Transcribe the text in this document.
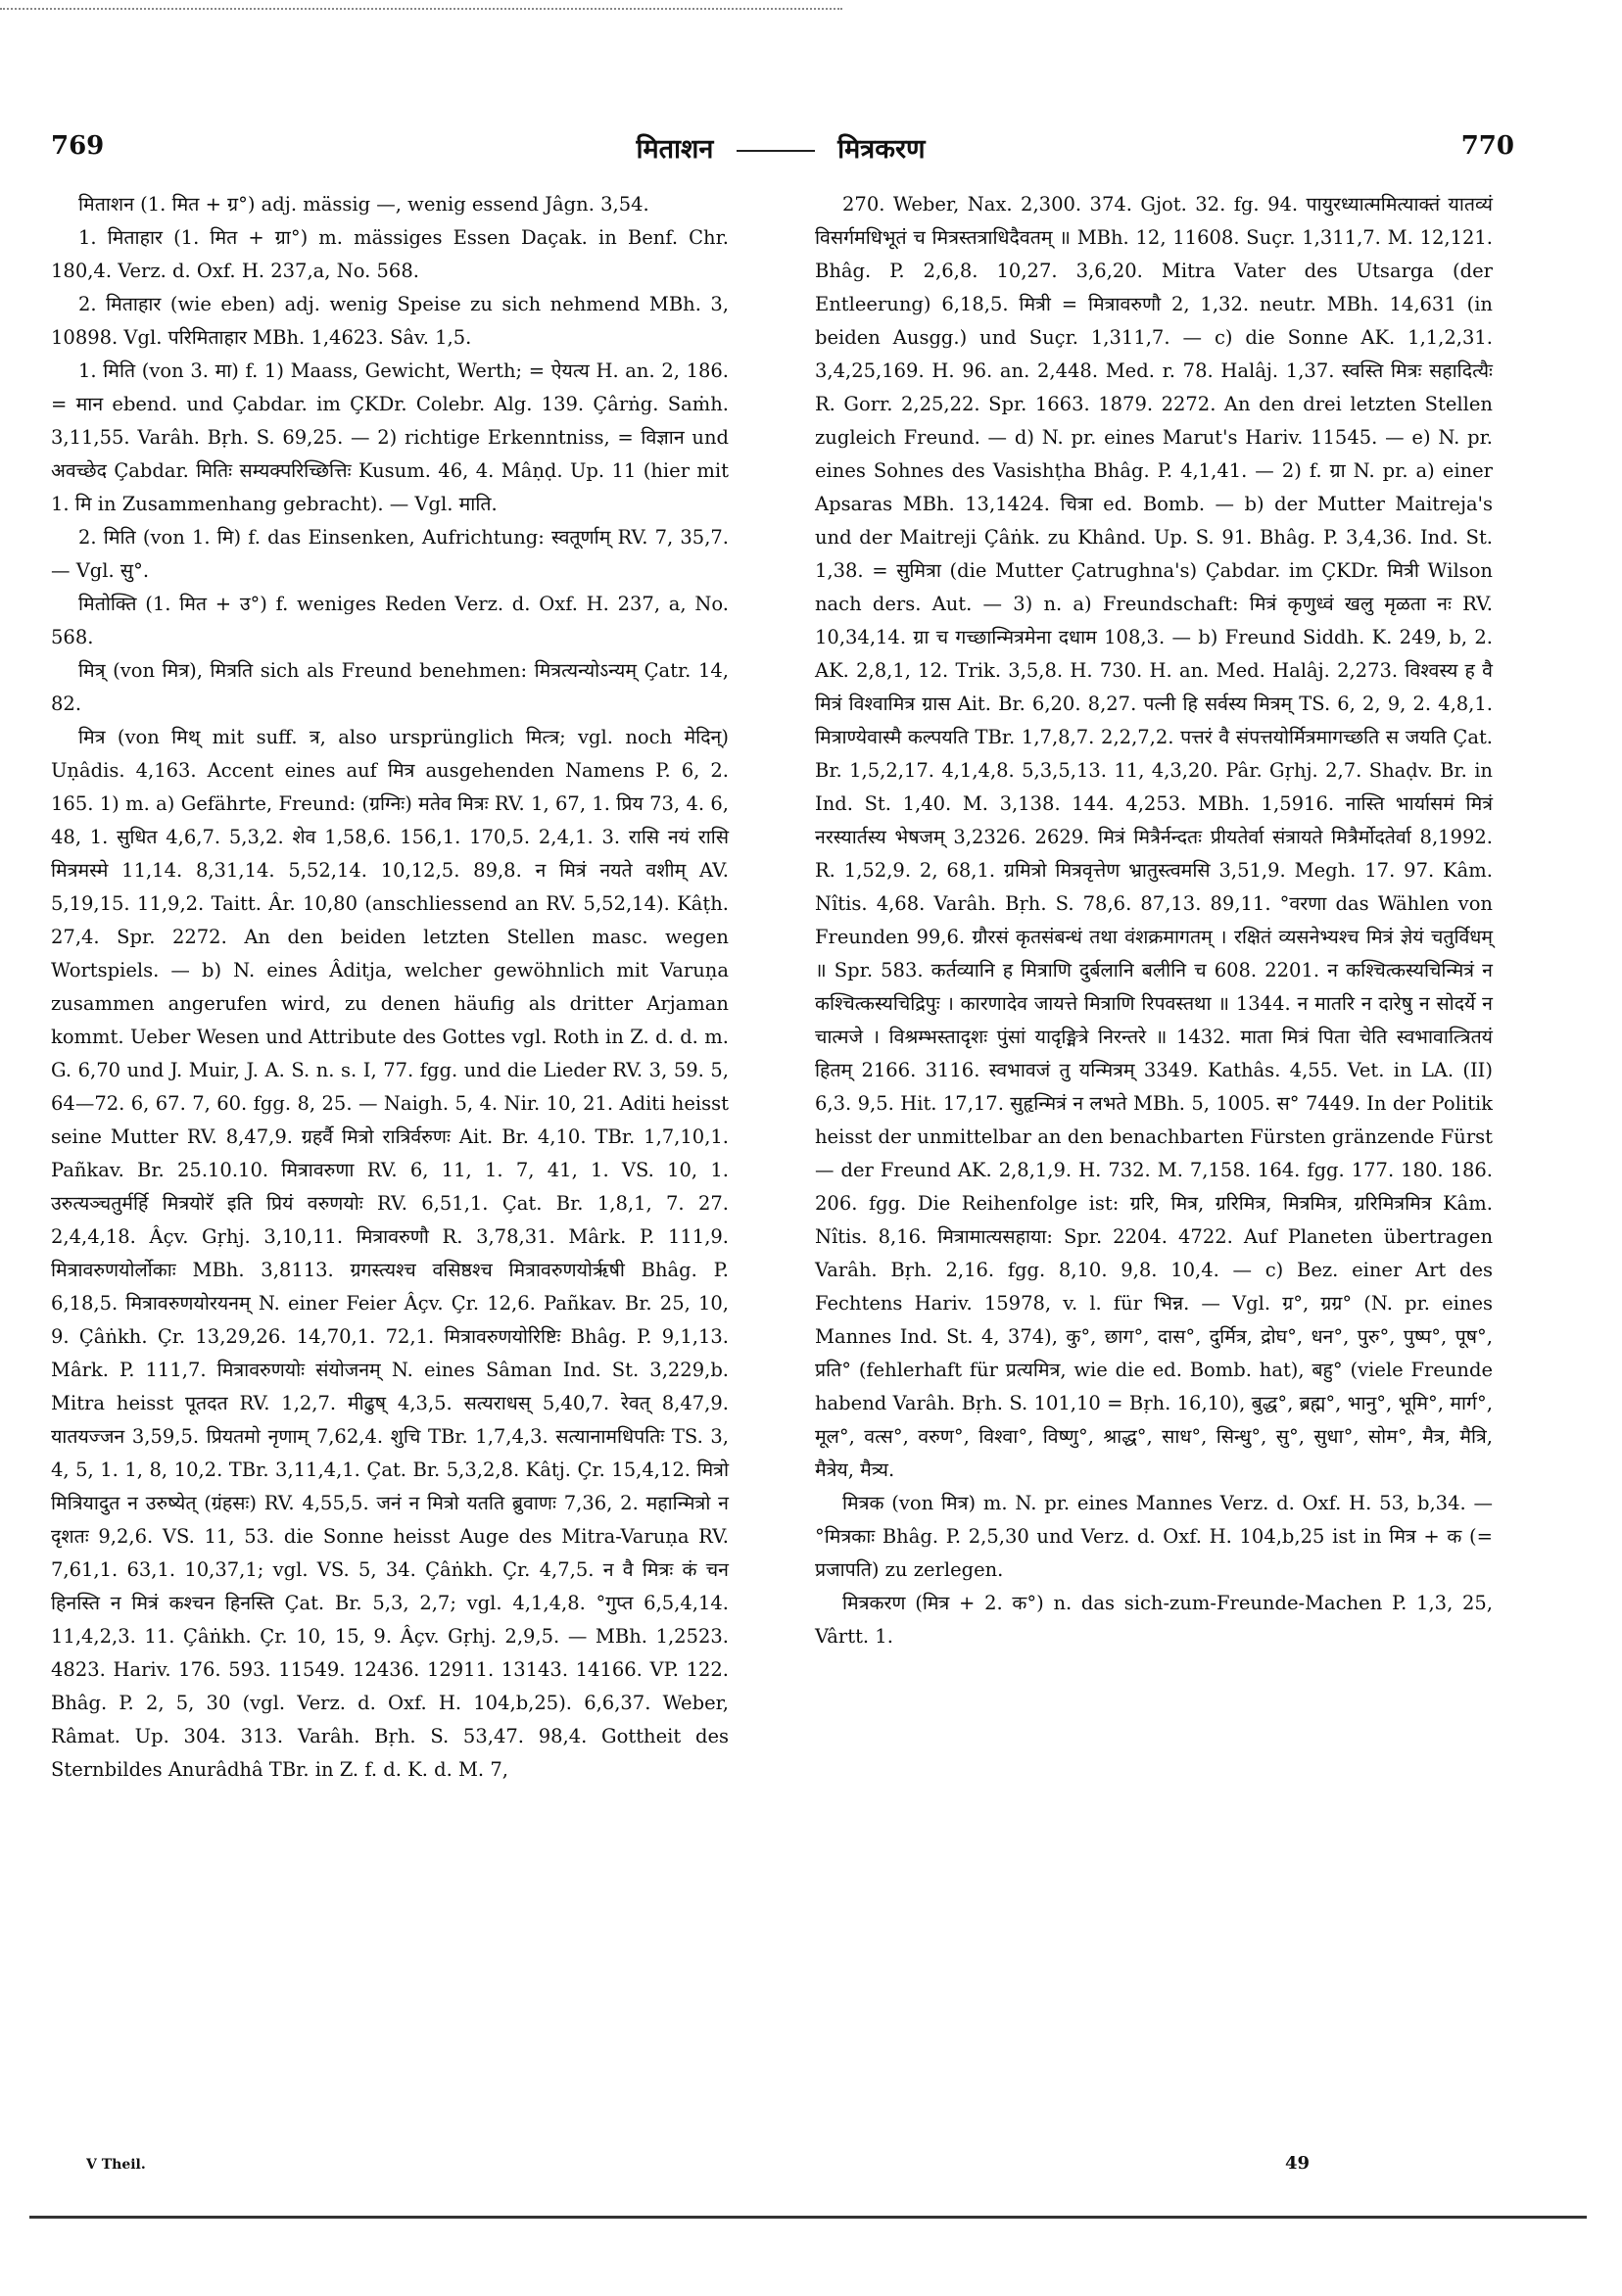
769	मिताशन	मित्रकरण	770

मिताशन (1. मित + ग्र°) adj. mässig —, wenig essend Jâgn. 3,54.

1. मिताहार (1. मित + ग्रा°) m. mässiges Essen Daçak. in Benf. Chr. 180,4. Verz. d. Oxf. H. 237,a, No. 568.

2. मिताहार (wie eben) adj. wenig Speise zu sich nehmend MBh. 3, 10898. Vgl. परिमिताहार MBh. 1,4623. Sâv. 1,5.

1. मिति (von 3. मा) f. 1) Maass, Gewicht, Werth; = ऐयत्य H. an. 2, 186. = मान ebend. und Çabdar. im ÇKDr. Colebr. Alg. 139. Çârṅg. Saṁh. 3,11,55. Varâh. Bṛh. S. 69,25. — 2) richtige Erkenntniss, = विज्ञान und अवच्छेद Çabdar. मितिः सम्यक्परिच्छित्तिः Kusum. 46, 4. Mâṇḍ. Up. 11 (hier mit 1. मि in Zusammenhang gebracht). — Vgl. माति.

2. मिति (von 1. मि) f. das Einsenken, Aufrichtung: स्वतूर्णाम् RV. 7, 35,7. — Vgl. सु°.

मितोक्ति (1. मित + उ°) f. weniges Reden Verz. d. Oxf. H. 237, a, No. 568.

मित्र् (von मित्र), मित्रति sich als Freund benehmen: मित्रत्यन्योऽन्यम् Çatr. 14, 82.

मित्र (von मिथ् mit suff. त्र, also ursprünglich मित्त्र; vgl. noch मेदिन्) Uṇâdis. 4,163. Accent eines auf मित्र ausgehenden Namens P. 6, 2. 165. 1) m. a) Gefährte, Freund: (ग्रग्निः) मतेव मित्रः RV. 1, 67, 1. प्रिय 73, 4. 6, 48, 1. सुधित 4,6,7. 5,3,2. शेव 1,58,6. 156,1. 170,5. 2,4,1. 3. रासि नयं रासि मित्रमस्मे 11,14. 8,31,14. 5,52,14. 10,12,5. 89,8. न मित्रं नयते वशीम् AV. 5,19,15. 11,9,2. Taitt. Âr. 10,80 (anschliessend an RV. 5,52,14). Kâṭh. 27,4. Spr. 2272. An den beiden letzten Stellen masc. wegen Wortspiels. — b) N. eines Âditja, welcher gewöhnlich mit Varuṇa zusammen angerufen wird, zu denen häufig als dritter Arjaman kommt. Ueber Wesen und Attribute des Gottes vgl. Roth in Z. d. d. m. G. 6,70 und J. Muir, J. A. S. n. s. I, 77. fgg. und die Lieder RV. 3, 59. 5, 64—72. 6, 67. 7, 60. fgg. 8, 25. — Naigh. 5, 4. Nir. 10, 21. Aditi heisst seine Mutter RV. 8,47,9. ग्रहर्वै मित्रो रात्रिर्वरुणः Ait. Br. 4,10. TBr. 1,7,10,1. Pañkav. Br. 25.10.10. मित्रावरुणा RV. 6, 11, 1. 7, 41, 1. VS. 10, 1. उरुत्यञ्चतुर्मर्हि मित्रयोरॅ इति प्रियं वरुणयोः RV. 6,51,1. Çat. Br. 1,8,1, 7. 27. 2,4,4,18. Âçv. Gṛhj. 3,10,11. मित्रावरुणौ R. 3,78,31. Mârk. P. 111,9. मित्रावरुणयोर्लोकाः MBh. 3,8113. ग्रगस्त्यश्च वसिष्ठश्च मित्रावरुणयोर्ऋषी Bhâg. P. 6,18,5. मित्रावरुणयोरयनम् N. einer Feier Âçv. Çr. 12,6. Pañkav. Br. 25, 10, 9. Çâṅkh. Çr. 13,29,26. 14,70,1. 72,1. मित्रावरुणयोरिष्टिः Bhâg. P. 9,1,13. Mârk. P. 111,7. मित्रावरुणयोः संयोजनम् N. eines Sâman Ind. St. 3,229,b. Mitra heisst पूतदत RV. 1,2,7. मीढुष् 4,3,5. सत्यराधस् 5,40,7. रेवत् 8,47,9. यातयज्जन 3,59,5. प्रियतमो नृणाम् 7,62,4. शुचि TBr. 1,7,4,3. सत्यानामधिपतिः TS. 3, 4, 5, 1. 1, 8, 10,2. TBr. 3,11,4,1. Çat. Br. 5,3,2,8. Kâtj. Çr. 15,4,12. मित्रो मित्रियादुत न उरुष्येत् (ग्रंहसः) RV. 4,55,5. जनं न मित्रो यतति ब्रुवाणः 7,36, 2. महान्मित्रो न दृशतः 9,2,6. VS. 11, 53. die Sonne heisst Auge des Mitra-Varuṇa RV. 7,61,1. 63,1. 10,37,1; vgl. VS. 5, 34. Çâṅkh. Çr. 4,7,5. न वै मित्रः कं चन हिनस्ति न मित्रं कश्चन हिनस्ति Çat. Br. 5,3, 2,7; vgl. 4,1,4,8. °गुप्त 6,5,4,14. 11,4,2,3. 11. Çâṅkh. Çr. 10, 15, 9. Âçv. Gṛhj. 2,9,5. — MBh. 1,2523. 4823. Hariv. 176. 593. 11549. 12436. 12911. 13143. 14166. VP. 122. Bhâg. P. 2, 5, 30 (vgl. Verz. d. Oxf. H. 104,b,25). 6,6,37. Weber, Râmat. Up. 304. 313. Varâh. Bṛh. S. 53,47. 98,4. Gottheit des Sternbildes Anurâdhâ TBr. in Z. f. d. K. d. M. 7,

270. Weber, Nax. 2,300. 374. Gjot. 32. fg. 94. पायुरध्यात्ममित्याक्तं यातव्यं विसर्गमधिभूतं च मित्रस्तत्राधिदैवतम् ॥ MBh. 12, 11608. Suçr. 1,311,7. M. 12,121. Bhâg. P. 2,6,8. 10,27. 3,6,20. Mitra Vater des Utsarga (der Entleerung) 6,18,5. मित्री = मित्रावरुणौ 2, 1,32. neutr. MBh. 14,631 (in beiden Ausgg.) und Suçr. 1,311,7. — c) die Sonne AK. 1,1,2,31. 3,4,25,169. H. 96. an. 2,448. Med. r. 78. Halâj. 1,37. स्वस्ति मित्रः सहादित्यैः R. Gorr. 2,25,22. Spr. 1663. 1879. 2272. An den drei letzten Stellen zugleich Freund. — d) N. pr. eines Marut's Hariv. 11545. — e) N. pr. eines Sohnes des Vasishṭha Bhâg. P. 4,1,41. — 2) f. ग्रा N. pr. a) einer Apsaras MBh. 13,1424. चित्रा ed. Bomb. — b) der Mutter Maitreja's und der Maitreji Çâṅk. zu Khând. Up. S. 91. Bhâg. P. 3,4,36. Ind. St. 1,38. = सुमित्रा (die Mutter Çatrughna's) Çabdar. im ÇKDr. मित्री Wilson nach ders. Aut. — 3) n. a) Freundschaft: मित्रं कृणुध्वं खलु मृळता नः RV. 10,34,14. ग्रा च गच्छान्मित्रमेना दधाम 108,3. — b) Freund Siddh. K. 249, b, 2. AK. 2,8,1, 12. Trik. 3,5,8. H. 730. H. an. Med. Halâj. 2,273. विश्वस्य ह वै मित्रं विश्वामित्र ग्रास Ait. Br. 6,20. 8,27. पत्नी हि सर्वस्य मित्रम् TS. 6, 2, 9, 2. 4,8,1. मित्राण्येवास्मै कल्पयति TBr. 1,7,8,7. 2,2,7,2. पत्तरं वै संपत्तयोर्मित्रमागच्छति स जयति Çat. Br. 1,5,2,17. 4,1,4,8. 5,3,5,13. 11, 4,3,20. Pâr. Gṛhj. 2,7. Shaḍv. Br. in Ind. St. 1,40. M. 3,138. 144. 4,253. MBh. 1,5916. नास्ति भार्यासमं मित्रं नरस्यार्तस्य भेषजम् 3,2326. 2629. मित्रं मित्रैर्नन्दतः प्रीयतेर्वा संत्रायते मित्रैर्मोदतेर्वा 8,1992. R. 1,52,9. 2, 68,1. ग्रमित्रो मित्रवृत्तेण भ्रातुस्त्वमसि 3,51,9. Megh. 17. 97. Kâm. Nîtis. 4,68. Varâh. Bṛh. S. 78,6. 87,13. 89,11. °वरणा das Wählen von Freunden 99,6. ग्रौरसं कृतसंबन्धं तथा वंशक्रमागतम् । रक्षितं व्यसनेभ्यश्च मित्रं ज्ञेयं चतुर्विधम् ॥ Spr. 583. कर्तव्यानि ह मित्राणि दुर्बलानि बलीनि च 608. 2201. न कश्चित्कस्यचिन्मित्रं न कश्चित्कस्यचिद्रिपुः । कारणादेव जायत्ते मित्राणि रिपवस्तथा ॥ 1344. न मातरि न दारेषु न सोदर्ये न चात्मजे । विश्रम्भस्तादृशः पुंसां यादृङ्मित्रे निरन्तरे ॥ 1432. माता मित्रं पिता चेति स्वभावात्त्रितयं हितम् 2166. 3116. स्वभावजं तु यन्मित्रम् 3349. Kathâs. 4,55. Vet. in LA. (II) 6,3. 9,5. Hit. 17,17. सुहृन्मित्रं न लभते MBh. 5, 1005. स° 7449. In der Politik heisst der unmittelbar an den benachbarten Fürsten gränzende Fürst — der Freund AK. 2,8,1,9. H. 732. M. 7,158. 164. fgg. 177. 180. 186. 206. fgg. Die Reihenfolge ist: ग्ररि, मित्र, ग्ररिमित्र, मित्रमित्र, ग्ररिमित्रमित्र Kâm. Nîtis. 8,16. मित्रामात्यसहाया: Spr. 2204. 4722. Auf Planeten übertragen Varâh. Bṛh. 2,16. fgg. 8,10. 9,8. 10,4. — c) Bez. einer Art des Fechtens Hariv. 15978, v. l. für भिन्न. — Vgl. ग्र°, ग्रग्र° (N. pr. eines Mannes Ind. St. 4, 374), कु°, छाग°, दास°, दुर्मित्र, द्रोघ°, धन°, पुरु°, पुष्प°, पूष°, प्रति° (fehlerhaft für प्रत्यमित्र, wie die ed. Bomb. hat), बहु° (viele Freunde habend Varâh. Bṛh. S. 101,10 = Bṛh. 16,10), बुद्ध°, ब्रह्म°, भानु°, भूमि°, मार्ग°, मूल°, वत्स°, वरुण°, विश्वा°, विष्णु°, श्राद्ध°, साध°, सिन्धु°, सु°, सुधा°, सोम°, मैत्र, मैत्रि, मैत्रेय, मैत्र्य.

मित्रक (von मित्र) m. N. pr. eines Mannes Verz. d. Oxf. H. 53, b,34. — °मित्रकाः Bhâg. P. 2,5,30 und Verz. d. Oxf. H. 104,b,25 ist in मित्र + क (= प्रजापति) zu zerlegen.

मित्रकरण (मित्र + 2. क°) n. das sich-zum-Freunde-Machen P. 1,3, 25, Vârtt. 1.

V Theil.	49
